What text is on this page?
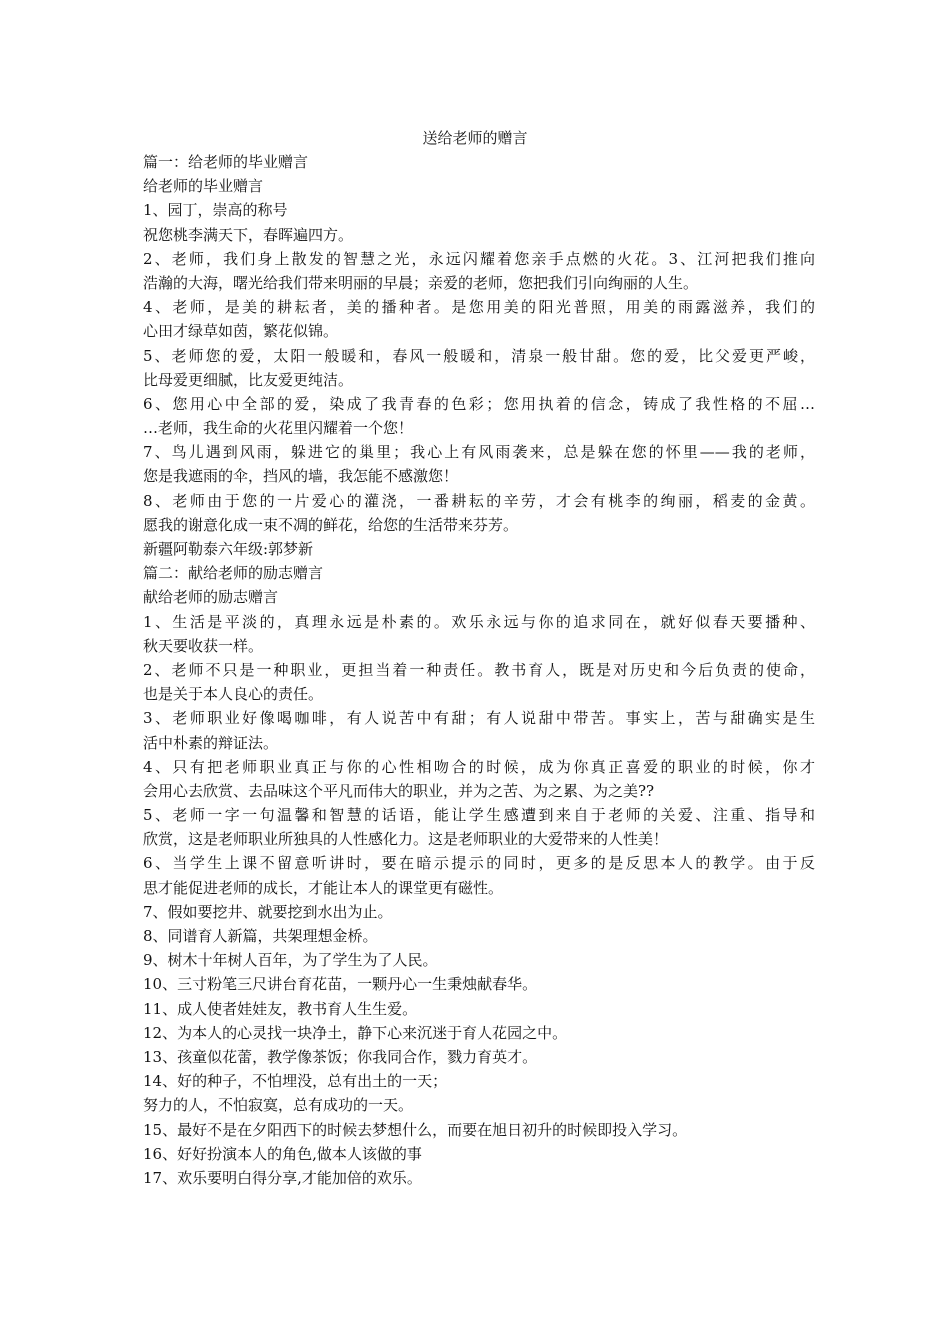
送给老师的赠言
篇一：给老师的毕业赠言
给老师的毕业赠言
1、园丁，崇高的称号
祝您桃李满天下，春晖遍四方。
2、老师，我们身上散发的智慧之光，永远闪耀着您亲手点燃的火花。3、江河把我们推向
浩瀚的大海，曙光给我们带来明丽的早晨；亲爱的老师，您把我们引向绚丽的人生。
4、老师，是美的耕耘者，美的播种者。是您用美的阳光普照，用美的雨露滋养，我们的
心田才绿草如茵，繁花似锦。
5、老师您的爱，太阳一般暖和，春风一般暖和，清泉一般甘甜。您的爱，比父爱更严峻，
比母爱更细腻，比友爱更纯洁。
6、您用心中全部的爱，染成了我青春的色彩；您用执着的信念，铸成了我性格的不屈…
…老师，我生命的火花里闪耀着一个您！
7、鸟儿遇到风雨，躲进它的巢里；我心上有风雨袭来，总是躲在您的怀里——我的老师，
您是我遮雨的伞，挡风的墙，我怎能不感激您！
8、老师由于您的一片爱心的灌浇，一番耕耘的辛劳，才会有桃李的绚丽，稻麦的金黄。
愿我的谢意化成一束不凋的鲜花，给您的生活带来芬芳。
新疆阿勒泰六年级:郭梦新
篇二：献给老师的励志赠言
献给老师的励志赠言
1、生活是平淡的，真理永远是朴素的。欢乐永远与你的追求同在，就好似春天要播种、
秋天要收获一样。
2、老师不只是一种职业，更担当着一种责任。教书育人，既是对历史和今后负责的使命，
也是关于本人良心的责任。
3、老师职业好像喝咖啡，有人说苦中有甜；有人说甜中带苦。事实上，苦与甜确实是生
活中朴素的辩证法。
4、只有把老师职业真正与你的心性相吻合的时候，成为你真正喜爱的职业的时候，你才
会用心去欣赏、去品味这个平凡而伟大的职业，并为之苦、为之累、为之美??
5、老师一字一句温馨和智慧的话语，能让学生感遭到来自于老师的关爱、注重、指导和
欣赏，这是老师职业所独具的人性感化力。这是老师职业的大爱带来的人性美！
6、当学生上课不留意听讲时，要在暗示提示的同时，更多的是反思本人的教学。由于反
思才能促进老师的成长，才能让本人的课堂更有磁性。
7、假如要挖井、就要挖到水出为止。
8、同谱育人新篇，共架理想金桥。
9、树木十年树人百年，为了学生为了人民。
10、三寸粉笔三尺讲台育花苗，一颗丹心一生秉烛献春华。
11、成人使者娃娃友，教书育人生生爱。
12、为本人的心灵找一块净土，静下心来沉迷于育人花园之中。
13、孩童似花蕾，教学像茶饭；你我同合作，戮力育英才。
14、好的种子，不怕埋没，总有出土的一天；
努力的人，不怕寂寞，总有成功的一天。
15、最好不是在夕阳西下的时候去梦想什么，而要在旭日初升的时候即投入学习。
16、好好扮演本人的角色,做本人该做的事
17、欢乐要明白得分享,才能加倍的欢乐。
